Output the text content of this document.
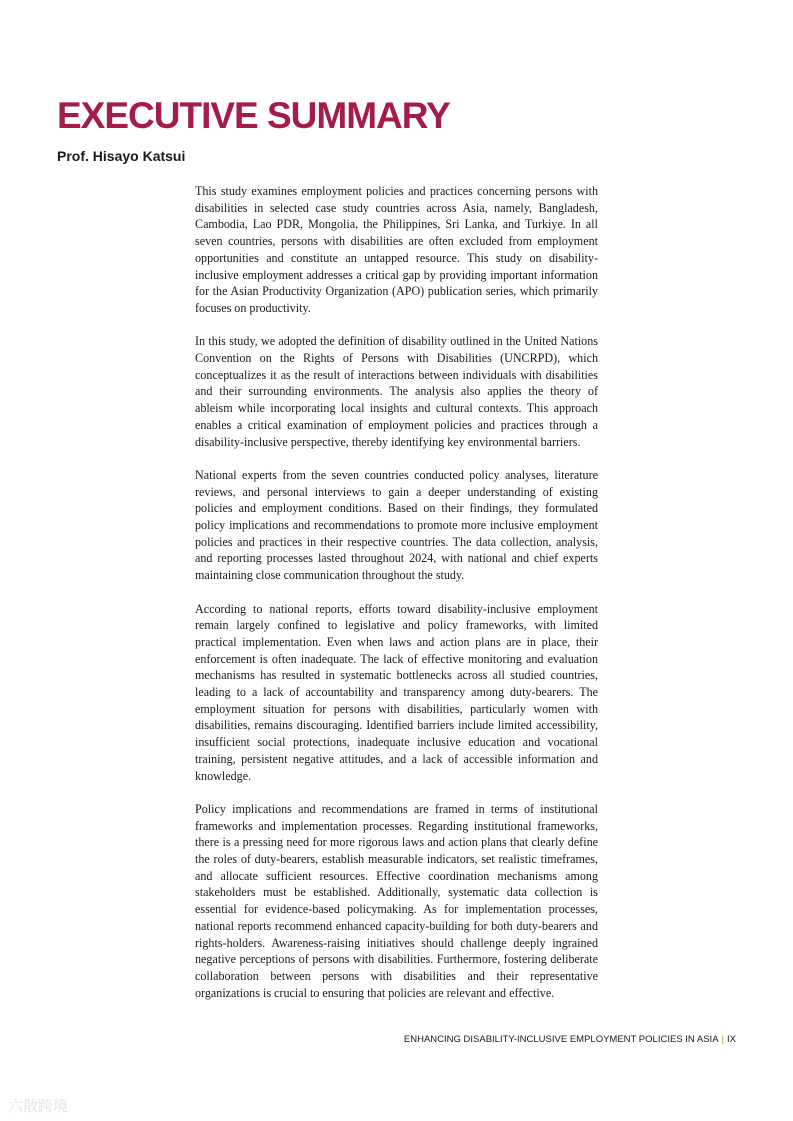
EXECUTIVE SUMMARY

Prof. Hisayo Katsui

This study examines employment policies and practices concerning persons with disabilities in selected case study countries across Asia, namely, Bangladesh, Cambodia, Lao PDR, Mongolia, the Philippines, Sri Lanka, and Turkiye. In all seven countries, persons with disabilities are often excluded from employment opportunities and constitute an untapped resource. This study on disability-inclusive employment addresses a critical gap by providing important information for the Asian Productivity Organization (APO) publication series, which primarily focuses on productivity.

In this study, we adopted the definition of disability outlined in the United Nations Convention on the Rights of Persons with Disabilities (UNCRPD), which conceptualizes it as the result of interactions between individuals with disabilities and their surrounding environments. The analysis also applies the theory of ableism while incorporating local insights and cultural contexts. This approach enables a critical examination of employment policies and practices through a disability-inclusive perspective, thereby identifying key environmental barriers.

National experts from the seven countries conducted policy analyses, literature reviews, and personal interviews to gain a deeper understanding of existing policies and employment conditions. Based on their findings, they formulated policy implications and recommendations to promote more inclusive employment policies and practices in their respective countries. The data collection, analysis, and reporting processes lasted throughout 2024, with national and chief experts maintaining close communication throughout the study.

According to national reports, efforts toward disability-inclusive employment remain largely confined to legislative and policy frameworks, with limited practical implementation. Even when laws and action plans are in place, their enforcement is often inadequate. The lack of effective monitoring and evaluation mechanisms has resulted in systematic bottlenecks across all studied countries, leading to a lack of accountability and transparency among duty-bearers. The employment situation for persons with disabilities, particularly women with disabilities, remains discouraging. Identified barriers include limited accessibility, insufficient social protections, inadequate inclusive education and vocational training, persistent negative attitudes, and a lack of accessible information and knowledge.

Policy implications and recommendations are framed in terms of institutional frameworks and implementation processes. Regarding institutional frameworks, there is a pressing need for more rigorous laws and action plans that clearly define the roles of duty-bearers, establish measurable indicators, set realistic timeframes, and allocate sufficient resources. Effective coordination mechanisms among stakeholders must be established. Additionally, systematic data collection is essential for evidence-based policymaking. As for implementation processes, national reports recommend enhanced capacity-building for both duty-bearers and rights-holders. Awareness-raising initiatives should challenge deeply ingrained negative perceptions of persons with disabilities. Furthermore, fostering deliberate collaboration between persons with disabilities and their representative organizations is crucial to ensuring that policies are relevant and effective.

ENHANCING DISABILITY-INCLUSIVE EMPLOYMENT POLICIES IN ASIA | IX
六散跨境
